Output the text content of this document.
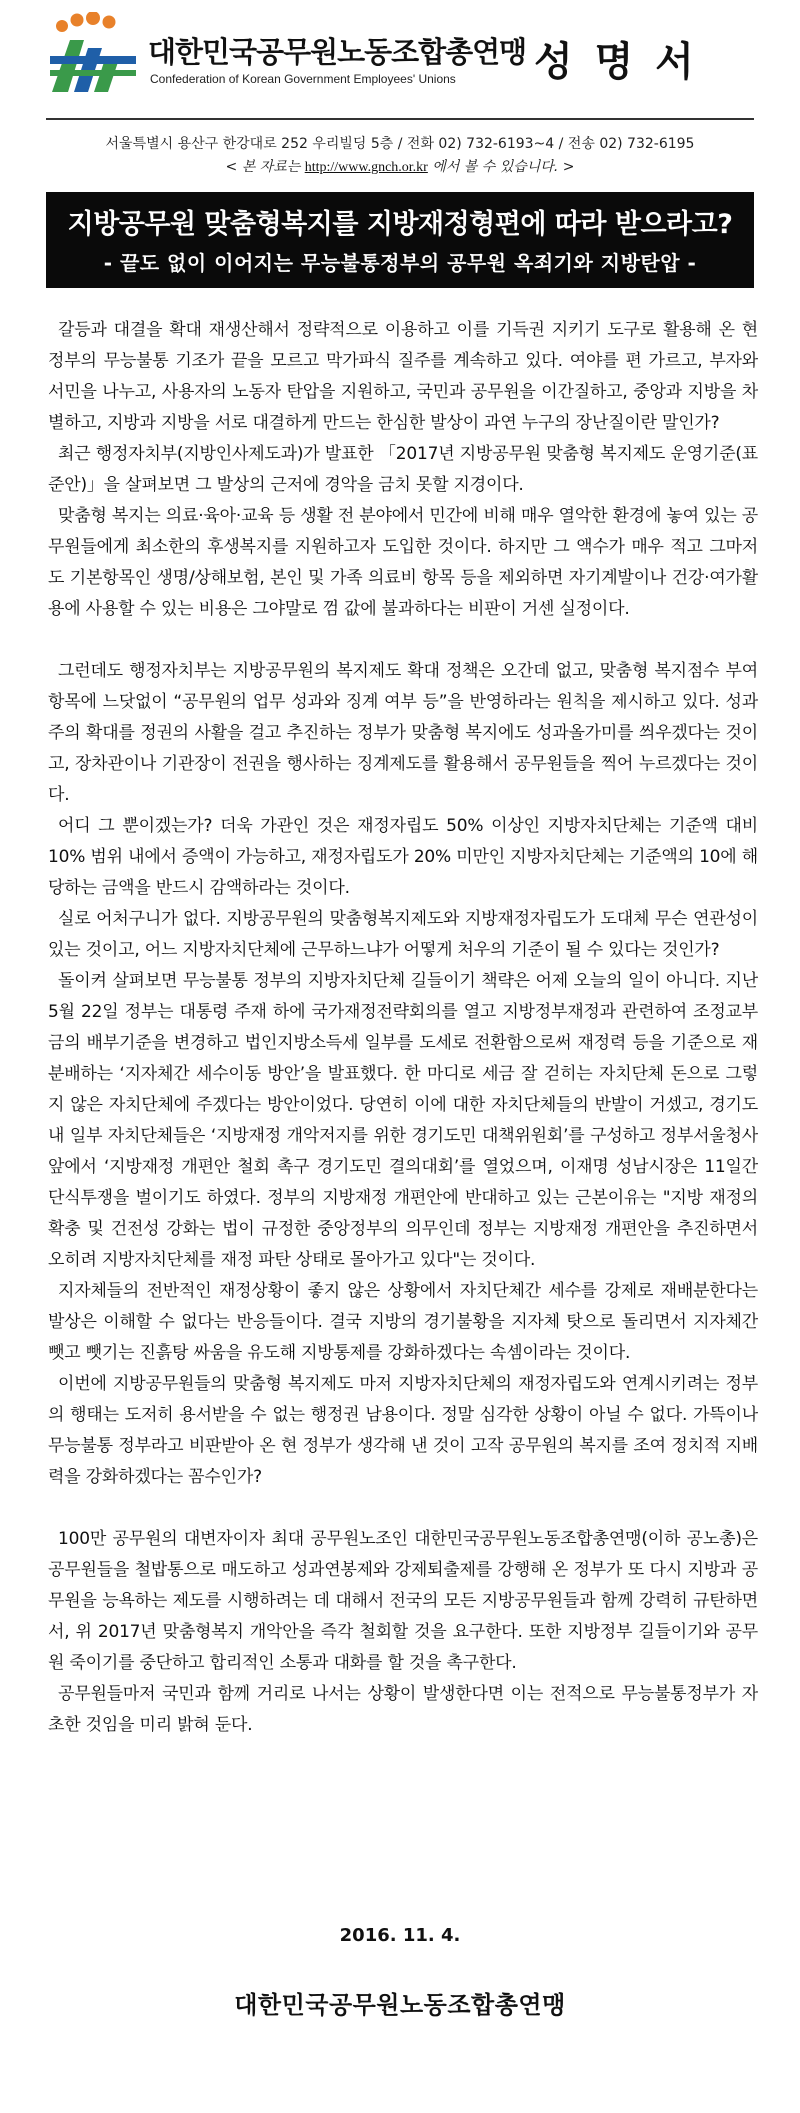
대한민국공무원노동조합총연맹
Confederation of Korean Government Employees' Unions 성 명 서
서울특별시 용산구 한강대로 252 우리빌딩 5층 / 전화 02) 732-6193~4 / 전송 02) 732-6195
< 본 자료는 http://www.gnch.or.kr 에서 볼 수 있습니다. >
지방공무원 맞춤형복지를 지방재정형편에 따라 받으라고?
- 끝도 없이 이어지는 무능불통정부의 공무원 옥죄기와 지방탄압 -

갈등과 대결을 확대 재생산해서 정략적으로 이용하고 이를 기득권 지키기 도구로 활용해 온 현 정부의 무능불통 기조가 끝을 모르고 막가파식 질주를 계속하고 있다. 여야를 편 가르고, 부자와 서민을 나누고, 사용자의 노동자 탄압을 지원하고, 국민과 공무원을 이간질하고, 중앙과 지방을 차별하고, 지방과 지방을 서로 대결하게 만드는 한심한 발상이 과연 누구의 장난질이란 말인가?

최근 행정자치부(지방인사제도과)가 발표한 「2017년 지방공무원 맞춤형 복지제도 운영기준(표준안)」을 살펴보면 그 발상의 근저에 경악을 금치 못할 지경이다.

맞춤형 복지는 의료·육아·교육 등 생활 전 분야에서 민간에 비해 매우 열악한 환경에 놓여 있는 공무원들에게 최소한의 후생복지를 지원하고자 도입한 것이다. 하지만 그 액수가 매우 적고 그마저도 기본항목인 생명/상해보험, 본인 및 가족 의료비 항목 등을 제외하면 자기계발이나 건강·여가활용에 사용할 수 있는 비용은 그야말로 껌 값에 불과하다는 비판이 거센 실정이다.

그런데도 행정자치부는 지방공무원의 복지제도 확대 정책은 오간데 없고, 맞춤형 복지점수 부여 항목에 느닷없이 “공무원의 업무 성과와 징계 여부 등”을 반영하라는 원칙을 제시하고 있다. 성과주의 확대를 정권의 사활을 걸고 추진하는 정부가 맞춤형 복지에도 성과올가미를 씌우겠다는 것이고, 장차관이나 기관장이 전권을 행사하는 징계제도를 활용해서 공무원들을 찍어 누르겠다는 것이다.

어디 그 뿐이겠는가? 더욱 가관인 것은 재정자립도 50% 이상인 지방자치단체는 기준액 대비 10% 범위 내에서 증액이 가능하고, 재정자립도가 20% 미만인 지방자치단체는 기준액의 10에 해당하는 금액을 반드시 감액하라는 것이다.

실로 어처구니가 없다. 지방공무원의 맞춤형복지제도와 지방재정자립도가 도대체 무슨 연관성이 있는 것이고, 어느 지방자치단체에 근무하느냐가 어떻게 처우의 기준이 될 수 있다는 것인가?

돌이켜 살펴보면 무능불통 정부의 지방자치단체 길들이기 책략은 어제 오늘의 일이 아니다. 지난 5월 22일 정부는 대통령 주재 하에 국가재정전략회의를 열고 지방정부재정과 관련하여 조정교부금의 배부기준을 변경하고 법인지방소득세 일부를 도세로 전환함으로써 재정력 등을 기준으로 재분배하는 ‘지자체간 세수이동 방안’을 발표했다. 한 마디로 세금 잘 걷히는 자치단체 돈으로 그렇지 않은 자치단체에 주겠다는 방안이었다. 당연히 이에 대한 자치단체들의 반발이 거셌고, 경기도내 일부 자치단체들은 ‘지방재정 개악저지를 위한 경기도민 대책위원회’를 구성하고 정부서울청사 앞에서 ‘지방재정 개편안 철회 촉구 경기도민 결의대회’를 열었으며, 이재명 성남시장은 11일간 단식투쟁을 벌이기도 하였다. 정부의 지방재정 개편안에 반대하고 있는 근본이유는 "지방 재정의 확충 및 건전성 강화는 법이 규정한 중앙정부의 의무인데 정부는 지방재정 개편안을 추진하면서 오히려 지방자치단체를 재정 파탄 상태로 몰아가고 있다"는 것이다.

지자체들의 전반적인 재정상황이 좋지 않은 상황에서 자치단체간 세수를 강제로 재배분한다는 발상은 이해할 수 없다는 반응들이다. 결국 지방의 경기불황을 지자체 탓으로 돌리면서 지자체간 뺏고 뺏기는 진흙탕 싸움을 유도해 지방통제를 강화하겠다는 속셈이라는 것이다.

이번에 지방공무원들의 맞춤형 복지제도 마저 지방자치단체의 재정자립도와 연계시키려는 정부의 행태는 도저히 용서받을 수 없는 행정권 남용이다. 정말 심각한 상황이 아닐 수 없다. 가뜩이나 무능불통 정부라고 비판받아 온 현 정부가 생각해 낸 것이 고작 공무원의 복지를 조여 정치적 지배력을 강화하겠다는 꼼수인가?

100만 공무원의 대변자이자 최대 공무원노조인 대한민국공무원노동조합총연맹(이하 공노총)은 공무원들을 철밥통으로 매도하고 성과연봉제와 강제퇴출제를 강행해 온 정부가 또 다시 지방과 공무원을 능욕하는 제도를 시행하려는 데 대해서 전국의 모든 지방공무원들과 함께 강력히 규탄하면서, 위 2017년 맞춤형복지 개악안을 즉각 철회할 것을 요구한다. 또한 지방정부 길들이기와 공무원 죽이기를 중단하고 합리적인 소통과 대화를 할 것을 촉구한다.

공무원들마저 국민과 함께 거리로 나서는 상황이 발생한다면 이는 전적으로 무능불통정부가 자초한 것임을 미리 밝혀 둔다.

2016. 11. 4.
대한민국공무원노동조합총연맹
